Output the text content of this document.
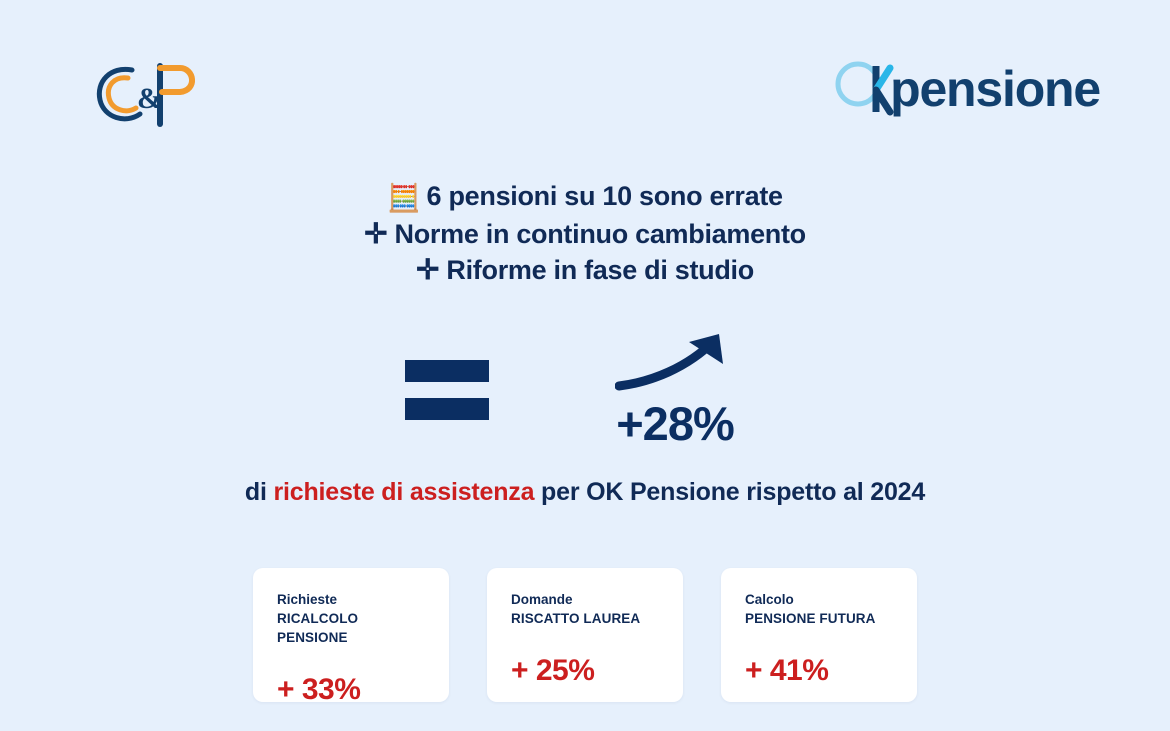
&	pensione
🧮 6 pensioni su 10 sono errate
✛ Norme in continuo cambiamento
✛ Riforme in fase di studio
+28%
di richieste di assistenza per OK Pensione rispetto al 2024
Richieste
RICALCOLO PENSIONE
+ 33%
Domande
RISCATTO LAUREA
+ 25%
Calcolo
PENSIONE FUTURA
+ 41%
